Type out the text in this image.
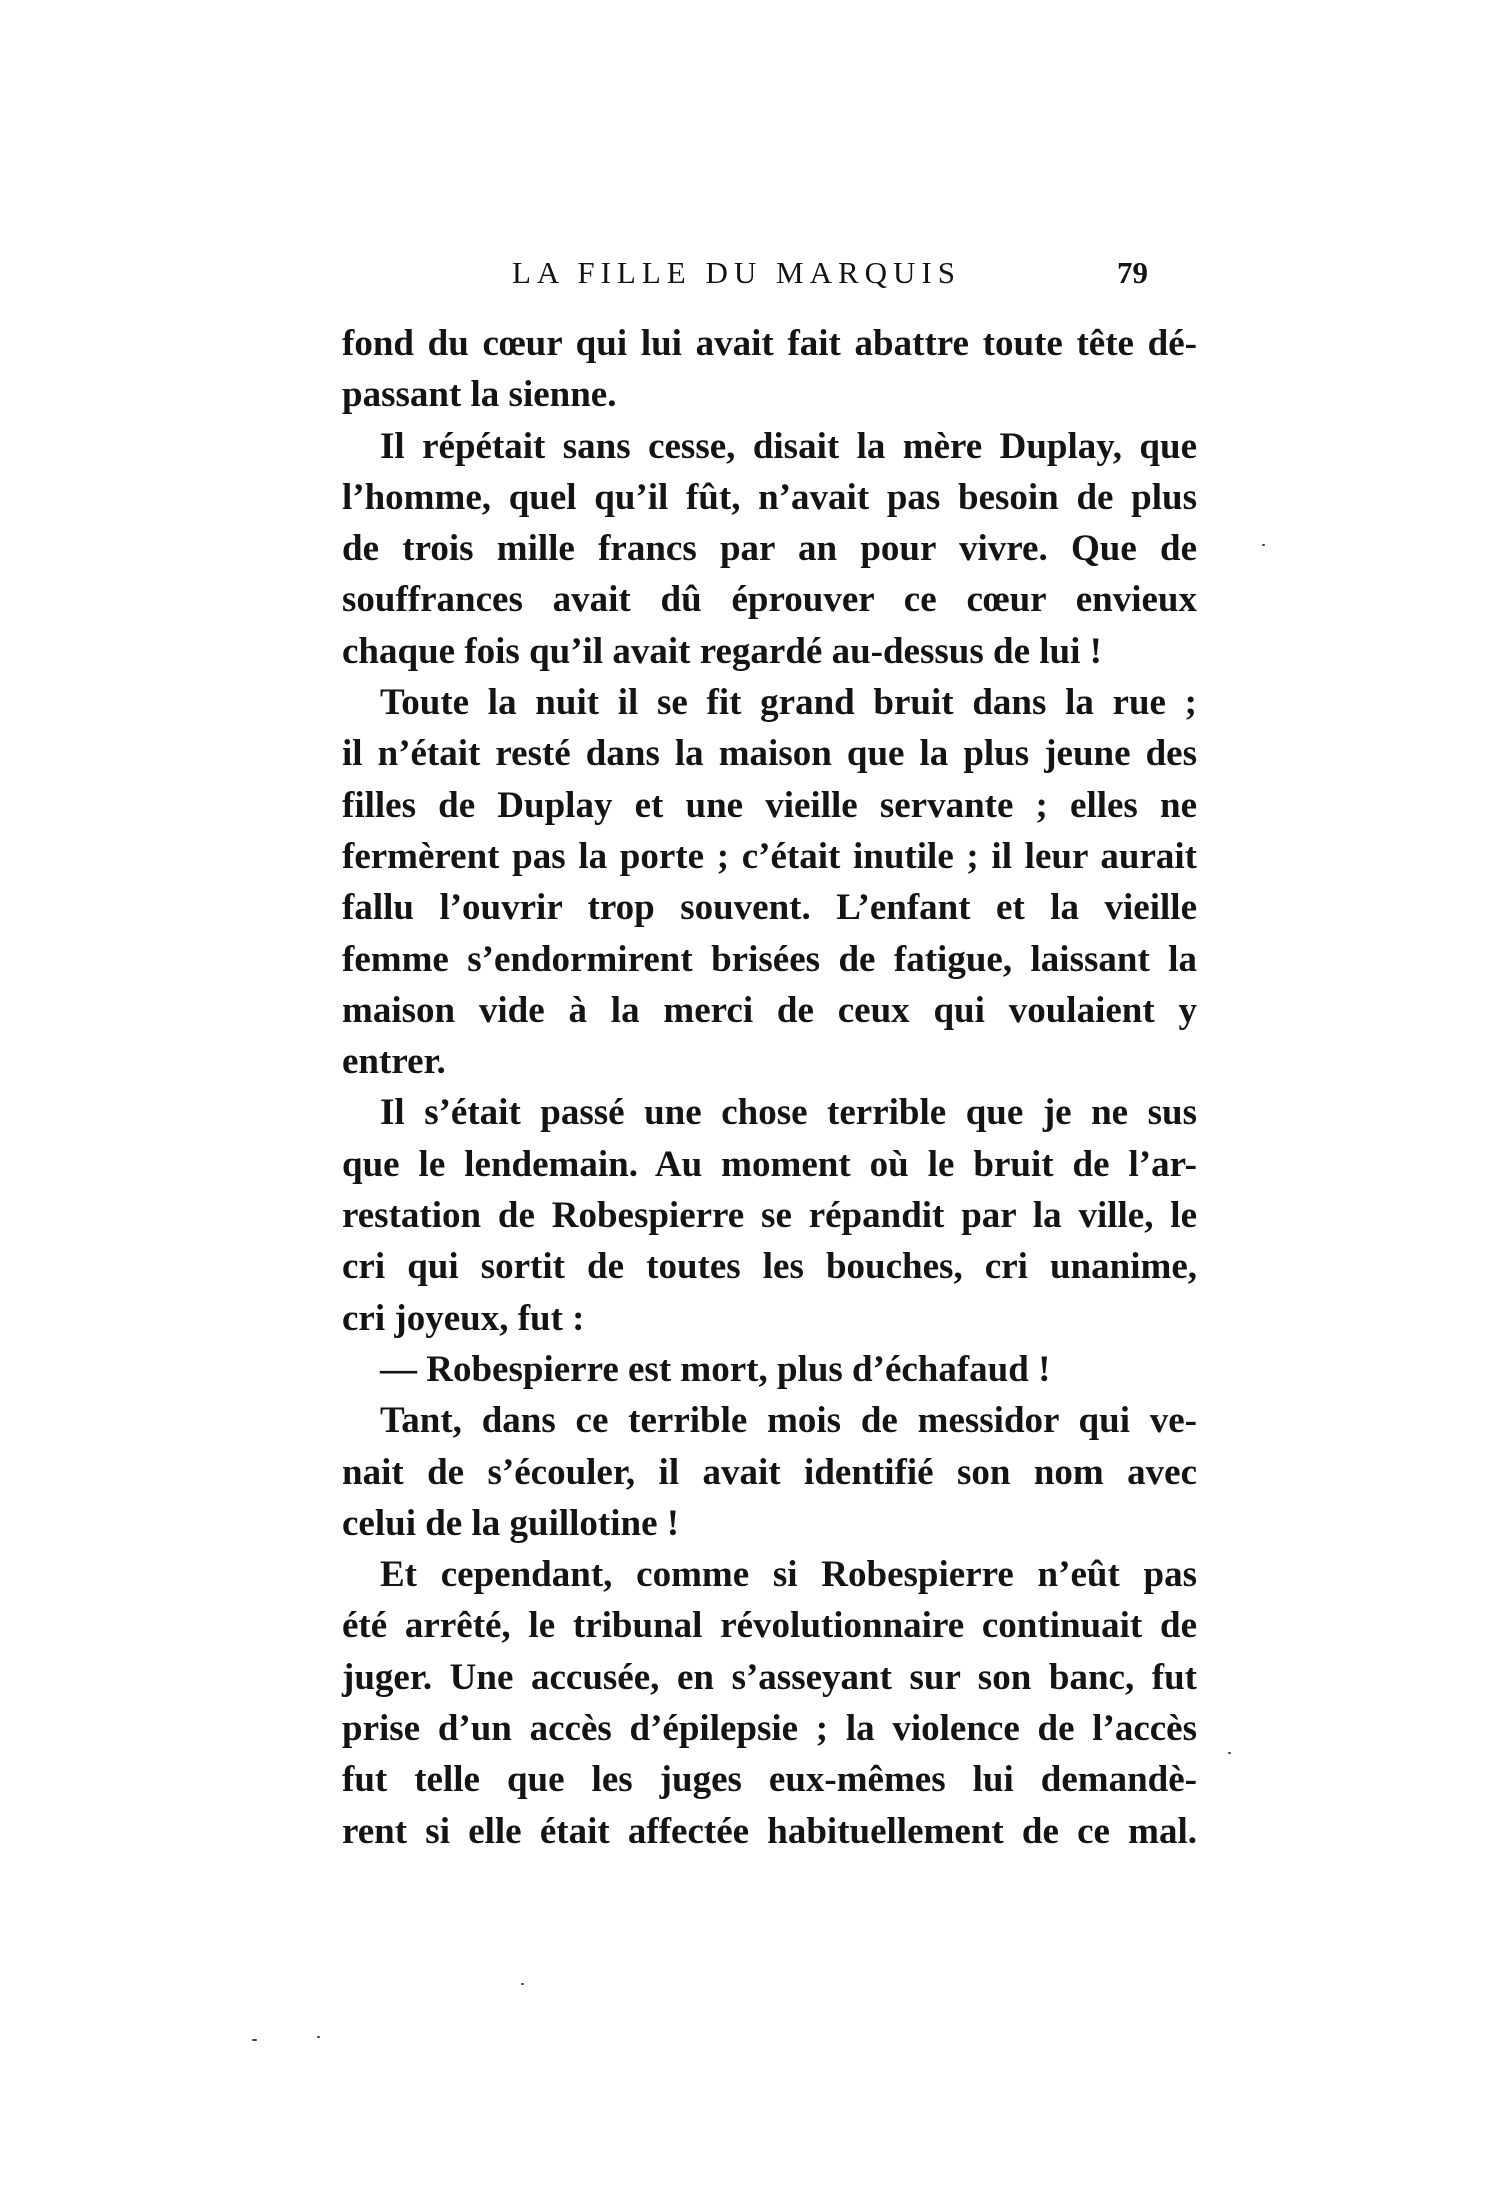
LA FILLE DU MARQUIS	79
fond du cœur qui lui avait fait abattre toute tête dé-
passant la sienne.
Il répétait sans cesse, disait la mère Duplay, que
l’homme, quel qu’il fût, n’avait pas besoin de plus
de trois mille francs par an pour vivre. Que de
souffrances avait dû éprouver ce cœur envieux
chaque fois qu’il avait regardé au-dessus de lui !
Toute la nuit il se fit grand bruit dans la rue ;
il n’était resté dans la maison que la plus jeune des
filles de Duplay et une vieille servante ; elles ne
fermèrent pas la porte ; c’était inutile ; il leur aurait
fallu l’ouvrir trop souvent. L’enfant et la vieille
femme s’endormirent brisées de fatigue, laissant la
maison vide à la merci de ceux qui voulaient y
entrer.
Il s’était passé une chose terrible que je ne sus
que le lendemain. Au moment où le bruit de l’ar-
restation de Robespierre se répandit par la ville, le
cri qui sortit de toutes les bouches, cri unanime,
cri joyeux, fut :
— Robespierre est mort, plus d’échafaud !
Tant, dans ce terrible mois de messidor qui ve-
nait de s’écouler, il avait identifié son nom avec
celui de la guillotine !
Et cependant, comme si Robespierre n’eût pas
été arrêté, le tribunal révolutionnaire continuait de
juger. Une accusée, en s’asseyant sur son banc, fut
prise d’un accès d’épilepsie ; la violence de l’accès
fut telle que les juges eux-mêmes lui demandè-
rent si elle était affectée habituellement de ce mal.
